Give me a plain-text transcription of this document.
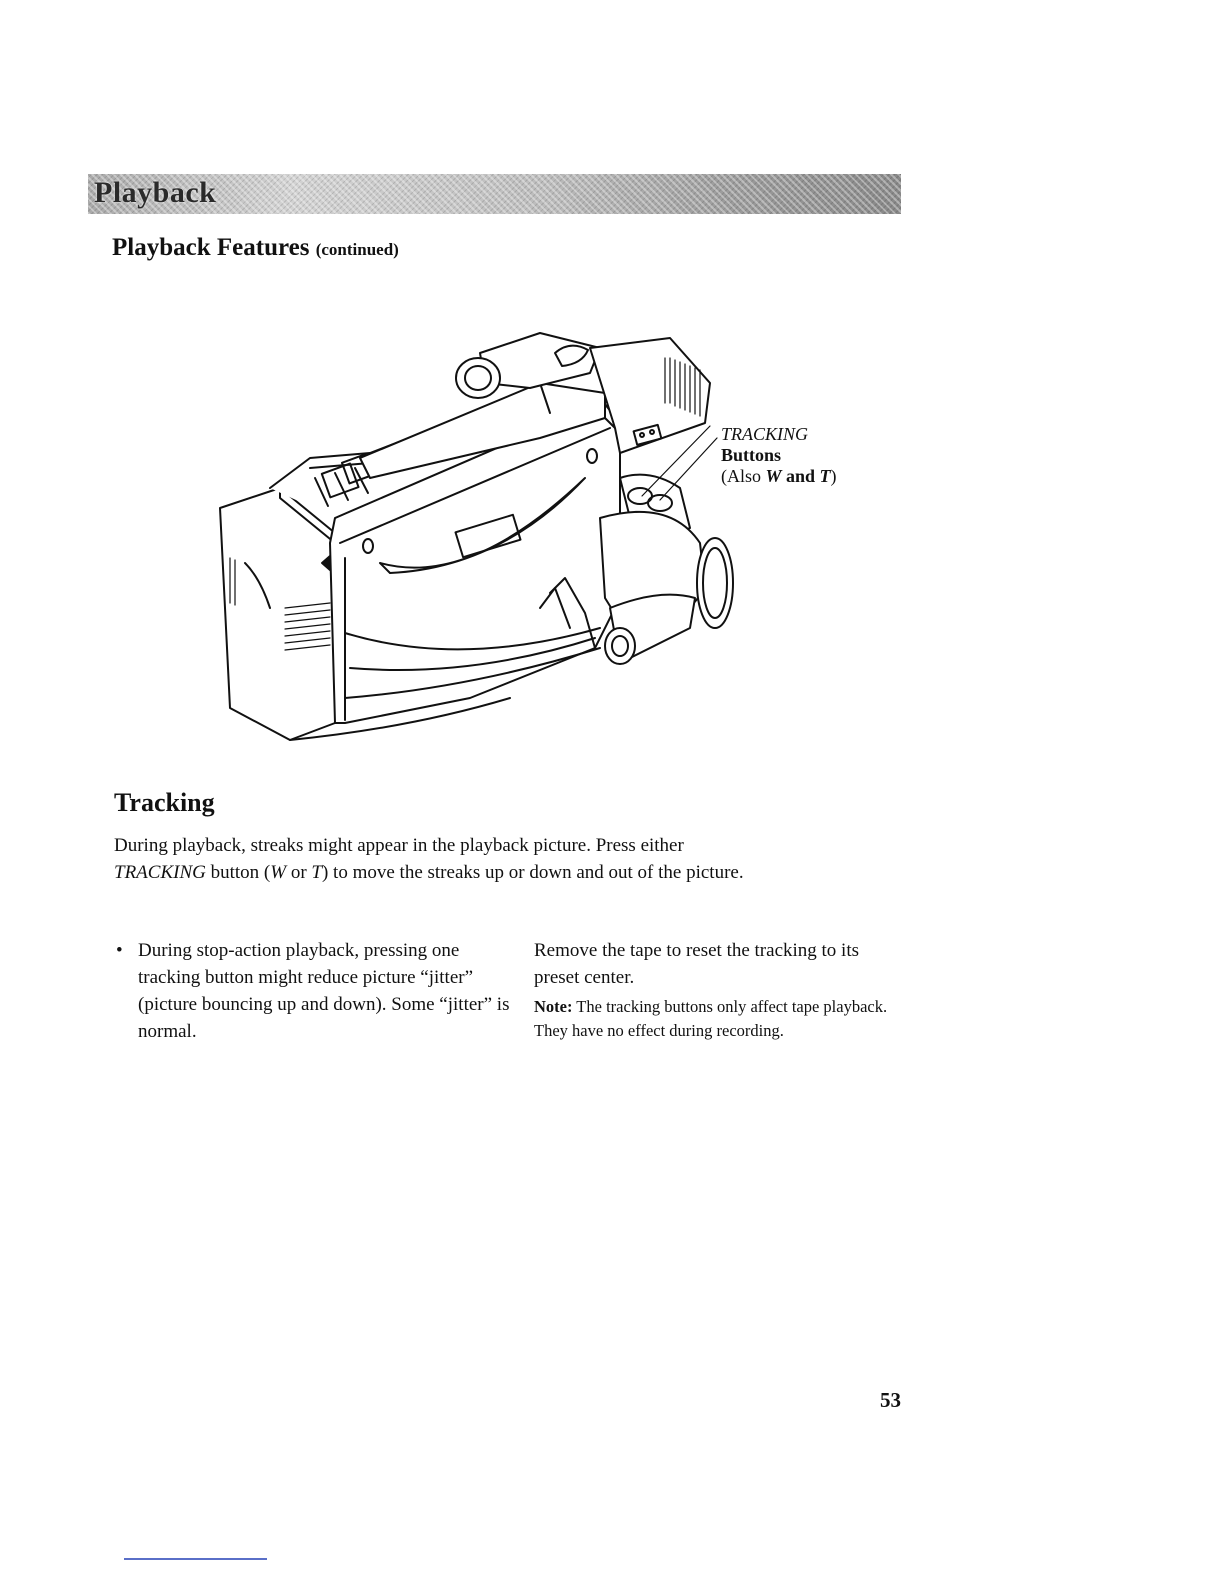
Playback
Playback Features (continued)
TRACKING
Buttons
(Also W and T)
Tracking

During playback, streaks might appear in the playback picture. Press either

TRACKING button (W or T) to move the streaks up or down and out of the picture.

• During stop-action playback, pressing one tracking button might reduce picture “jitter” (picture bouncing up and down). Some “jitter” is normal.

Remove the tape to reset the tracking to its preset center.

Note: The tracking buttons only affect tape playback. They have no effect during recording.

53
